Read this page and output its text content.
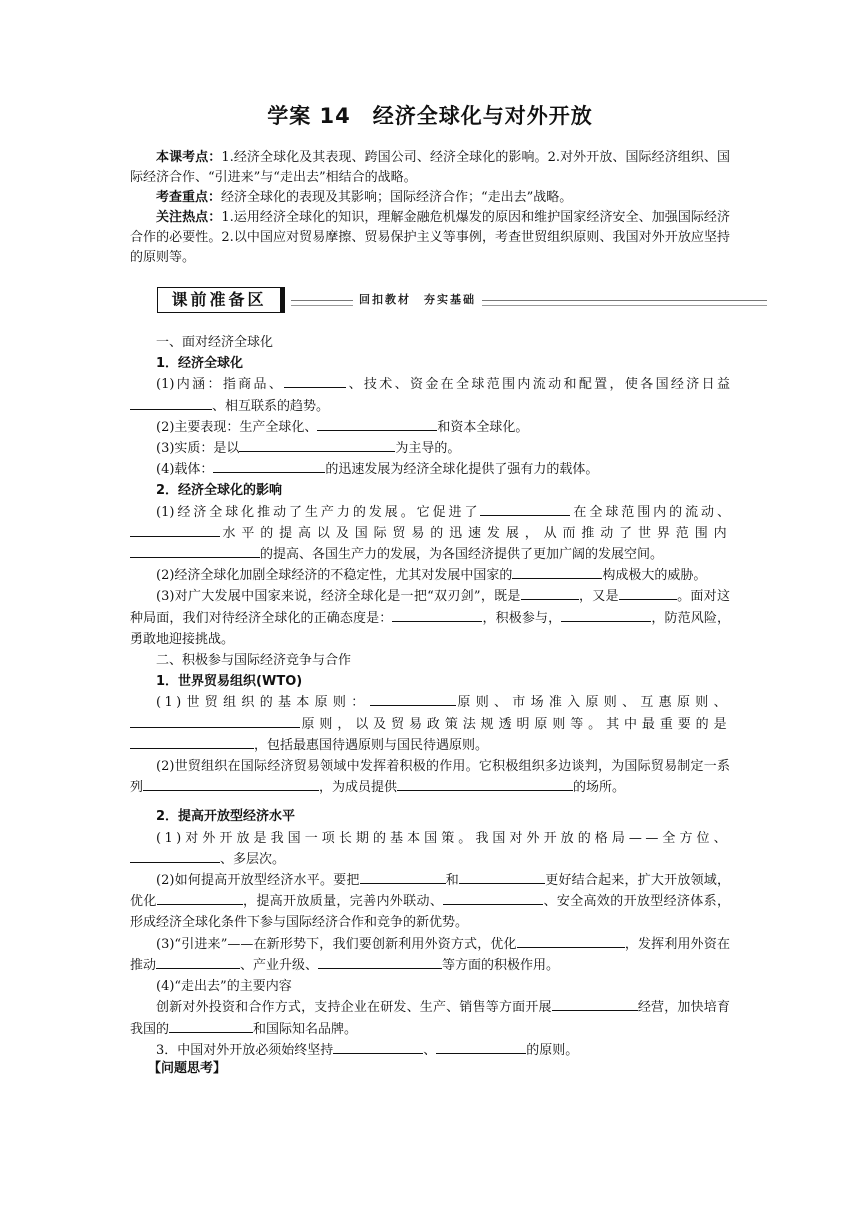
学案 14　经济全球化与对外开放

本课考点：1.经济全球化及其表现、跨国公司、经济全球化的影响。2.对外开放、国际经济组织、国际经济合作、“引进来”与“走出去”相结合的战略。

考查重点：经济全球化的表现及其影响；国际经济合作；“走出去”战略。

关注热点：1.运用经济全球化的知识，理解金融危机爆发的原因和维护国家经济安全、加强国际经济合作的必要性。2.以中国应对贸易摩擦、贸易保护主义等事例，考查世贸组织原则、我国对外开放应坚持的原则等。

课前准备区	回扣教材　夯实基础

一、面对经济全球化

1．经济全球化

(1)内涵：指商品、	、技术、资金在全球范围内流动和配置，使各国经济日益、相互联系的趋势。

(2)主要表现：生产全球化、	和资本全球化。

(3)实质：是以	为主导的。

(4)载体：	的迅速发展为经济全球化提供了强有力的载体。

2．经济全球化的影响

(1)经济全球化推动了生产力的发展。它促进了	在全球范围内的流动、水平的提高以及国际贸易的迅速发展，从而推动了世界范围内的提高、各国生产力的发展，为各国经济提供了更加广阔的发展空间。

(2)经济全球化加剧全球经济的不稳定性，尤其对发展中国家的	构成极大的威胁。

(3)对广大发展中国家来说，经济全球化是一把“双刃剑”，既是	，又是	。面对这种局面，我们对待经济全球化的正确态度是：	，积极参与，	，防范风险，勇敢地迎接挑战。

二、积极参与国际经济竞争与合作

1．世界贸易组织(WTO)

(1)世贸组织的基本原则：	原则、市场准入原则、互惠原则、原则，以及贸易政策法规透明原则等。其中最重要的是，包括最惠国待遇原则与国民待遇原则。

(2)世贸组织在国际经济贸易领域中发挥着积极的作用。它积极组织多边谈判，为国际贸易制定一系列	，为成员提供	的场所。

2．提高开放型经济水平

(1)对外开放是我国一项长期的基本国策。我国对外开放的格局——全方位、、多层次。

(2)如何提高开放型经济水平。要把	和	更好结合起来，扩大开放领域，优化	，提高开放质量，完善内外联动、	、安全高效的开放型经济体系，形成经济全球化条件下参与国际经济合作和竞争的新优势。

(3)“引进来”——在新形势下，我们要创新利用外资方式，优化	，发挥利用外资在推动	、产业升级、	等方面的积极作用。

(4)“走出去”的主要内容

创新对外投资和合作方式，支持企业在研发、生产、销售等方面开展	经营，加快培育我国的	和国际知名品牌。

3．中国对外开放必须始终坚持	、	的原则。

【问题思考】
